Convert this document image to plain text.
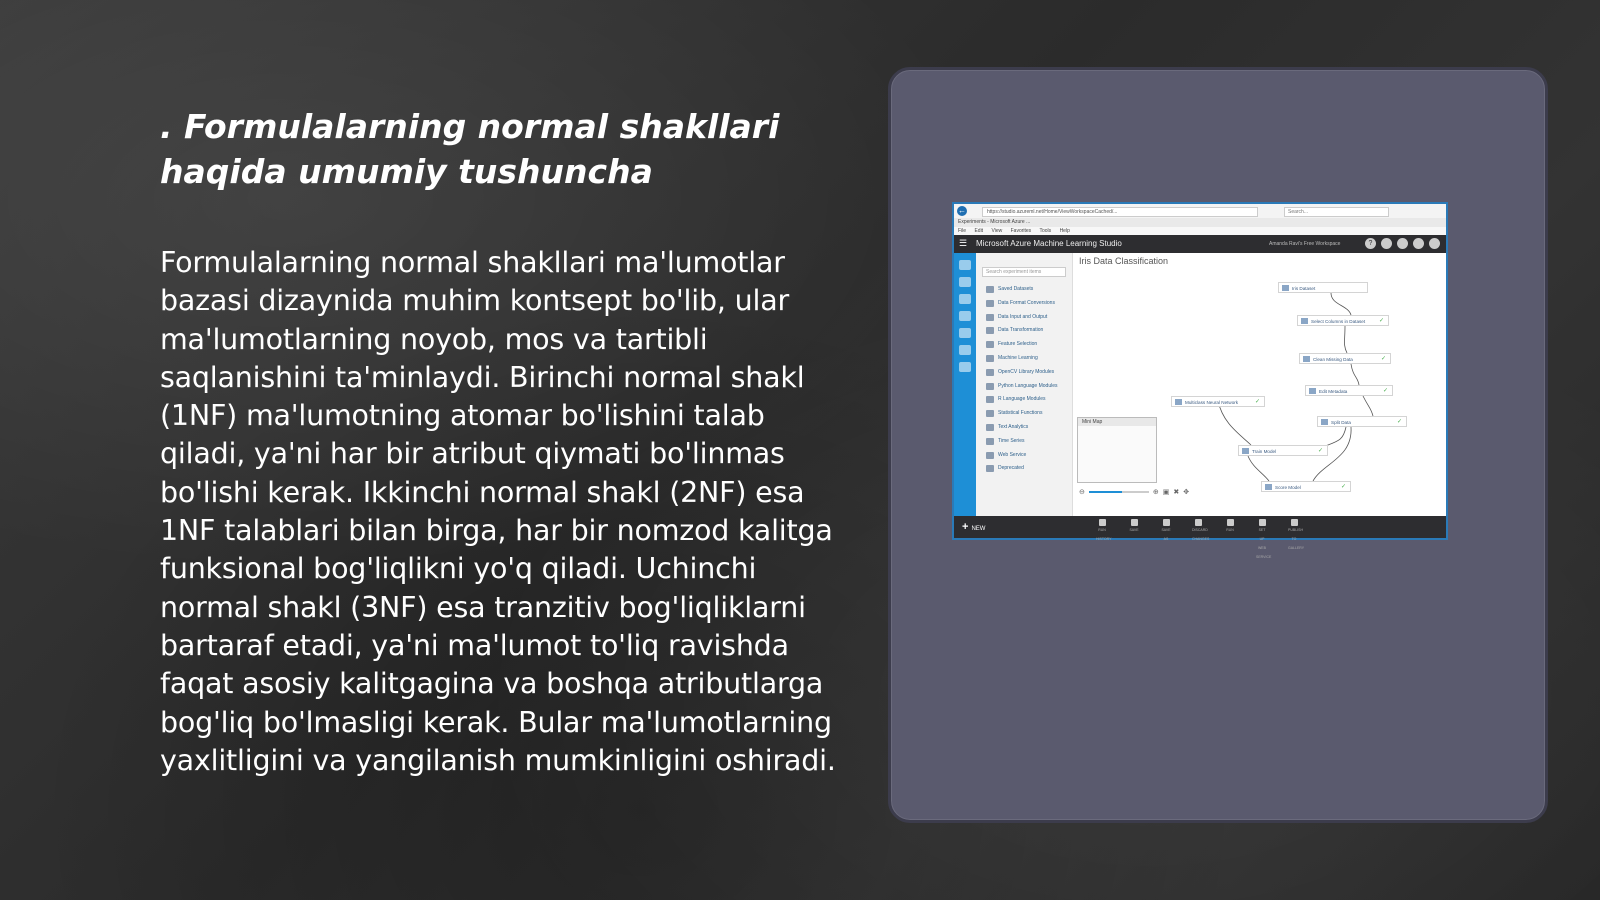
. Formulalarning normal shakllari haqida umumiy tushuncha

Formulalarning normal shakllari ma'lumotlar bazasi dizaynida muhim kontsept bo'lib, ular ma'lumotlarning noyob, mos va tartibli saqlanishini ta'minlaydi. Birinchi normal shakl (1NF) ma'lumotning atomar bo'lishini talab qiladi, ya'ni har bir atribut qiymati bo'linmas bo'lishi kerak. Ikkinchi normal shakl (2NF) esa 1NF talablari bilan birga, har bir nomzod kalitga funksional bog'liqlikni yo'q qiladi. Uchinchi normal shakl (3NF) esa tranzitiv bog'liqliklarni bartaraf etadi, ya'ni ma'lumot to'liq ravishda faqat asosiy kalitgagina va boshqa atributlarga bog'liq bo'lmasligi kerak. Bular ma'lumotlarning yaxlitligini va yangilanish mumkinligini oshiradi.

←	https://studio.azureml.net/Home/ViewWorkspaceCached/...	Search...
Experiments - Microsoft Azure ...
File Edit View Favorites Tools Help
☰ Microsoft Azure Machine Learning Studio	Amanda Ravi's Free Workspace	?
Search experiment items
Saved Datasets
Data Format Conversions
Data Input and Output
Data Transformation
Feature Selection
Machine Learning
OpenCV Library Modules
Python Language Modules
R Language Modules
Statistical Functions
Text Analytics
Time Series
Web Service
Deprecated
Iris Data Classification
Iris Dataset
Select Columns in Dataset ✓
Clean Missing Data	✓
Edit Metadata	✓
Multiclass Neural Network	✓
Split Data	✓
Train Model	✓
Score Model	✓
Mini Map
⊖	⊕ ▣ ✖ ✥
+ NEW	RUN HISTORY
SAVE	SAVE AS
DISCARD CHANGES
RUN	SET UP WEB SERVICE
PUBLISH TO GALLERY
